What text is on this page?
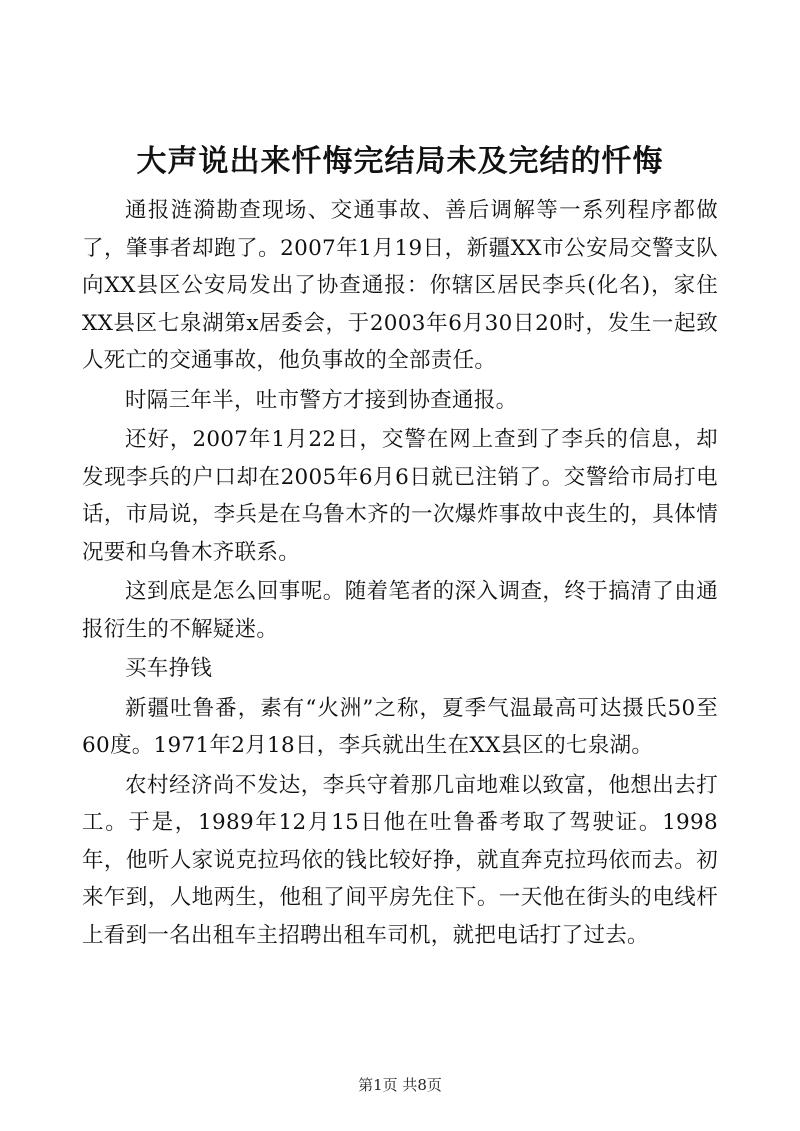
大声说出来忏悔完结局未及完结的忏悔

通报涟漪勘查现场、交通事故、善后调解等一系列程序都做了，肇事者却跑了。2007年1月19日，新疆XX市公安局交警支队向XX县区公安局发出了协查通报：你辖区居民李兵(化名)，家住XX县区七泉湖第x居委会，于2003年6月30日20时，发生一起致人死亡的交通事故，他负事故的全部责任。

时隔三年半，吐市警方才接到协查通报。

还好，2007年1月22日，交警在网上查到了李兵的信息，却发现李兵的户口却在2005年6月6日就已注销了。交警给市局打电话，市局说，李兵是在乌鲁木齐的一次爆炸事故中丧生的，具体情况要和乌鲁木齐联系。

这到底是怎么回事呢。随着笔者的深入调查，终于搞清了由通报衍生的不解疑迷。

买车挣钱

新疆吐鲁番，素有“火洲”之称，夏季气温最高可达摄氏50至60度。1971年2月18日，李兵就出生在XX县区的七泉湖。

农村经济尚不发达，李兵守着那几亩地难以致富，他想出去打工。于是，1989年12月15日他在吐鲁番考取了驾驶证。1998年，他听人家说克拉玛依的钱比较好挣，就直奔克拉玛依而去。初来乍到，人地两生，他租了间平房先住下。一天他在街头的电线杆上看到一名出租车主招聘出租车司机，就把电话打了过去。

第1页 共8页
